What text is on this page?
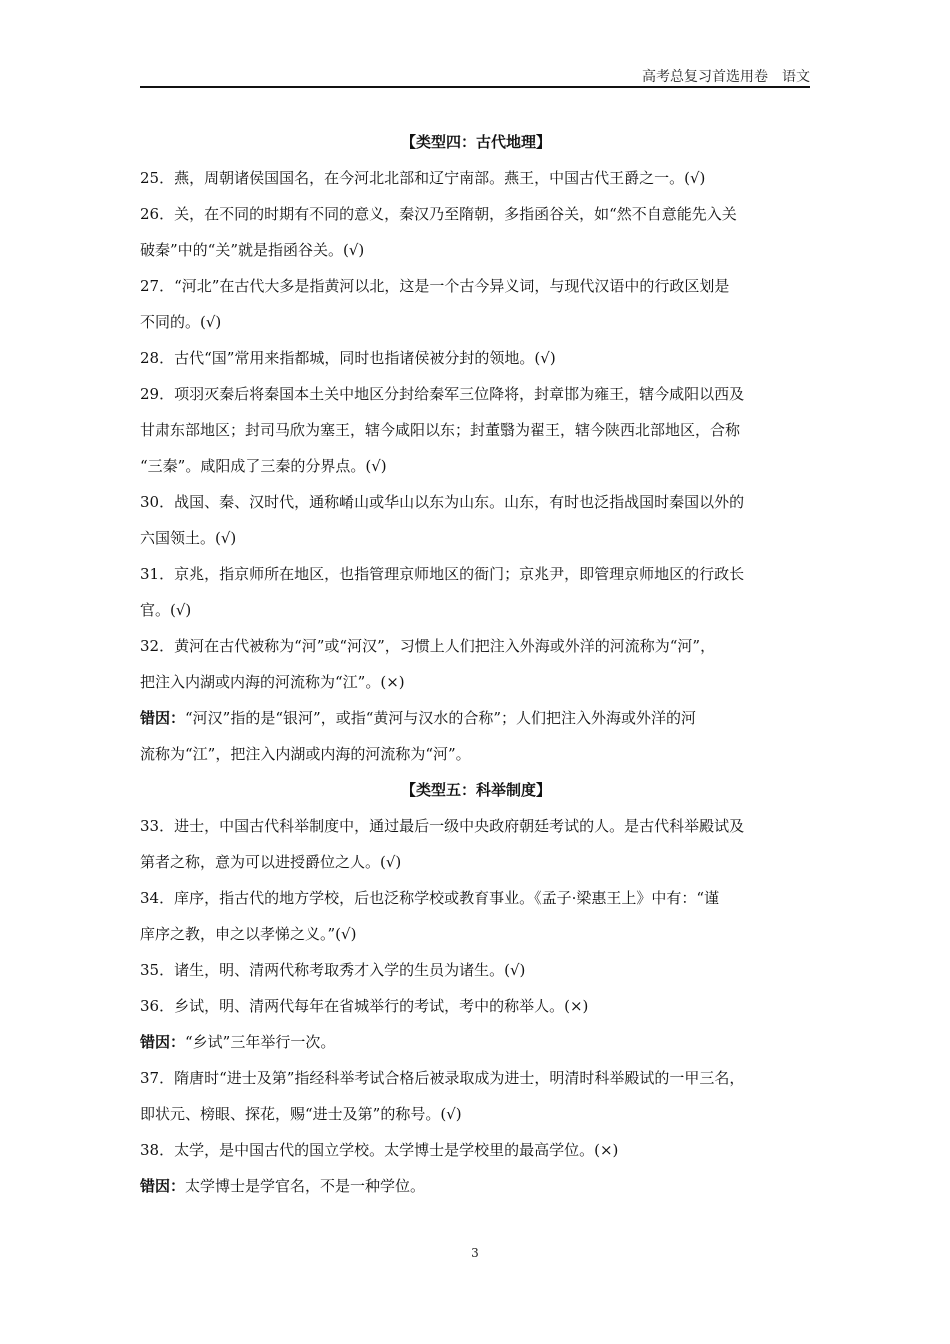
高考总复习首选用卷　语文
【类型四：古代地理】
25．燕，周朝诸侯国国名，在今河北北部和辽宁南部。燕王，中国古代王爵之一。(√)
26．关，在不同的时期有不同的意义，秦汉乃至隋朝，多指函谷关，如“然不自意能先入关
破秦”中的“关”就是指函谷关。(√)
27．“河北”在古代大多是指黄河以北，这是一个古今异义词，与现代汉语中的行政区划是
不同的。(√)
28．古代“国”常用来指都城，同时也指诸侯被分封的领地。(√)
29．项羽灭秦后将秦国本土关中地区分封给秦军三位降将，封章邯为雍王，辖今咸阳以西及
甘肃东部地区；封司马欣为塞王，辖今咸阳以东；封董翳为翟王，辖今陕西北部地区，合称
“三秦”。咸阳成了三秦的分界点。(√)
30．战国、秦、汉时代，通称崤山或华山以东为山东。山东，有时也泛指战国时秦国以外的
六国领土。(√)
31．京兆，指京师所在地区，也指管理京师地区的衙门；京兆尹，即管理京师地区的行政长
官。(√)
32．黄河在古代被称为“河”或“河汉”，习惯上人们把注入外海或外洋的河流称为“河”，
把注入内湖或内海的河流称为“江”。(×)
错因：“河汉”指的是“银河”，或指“黄河与汉水的合称”；人们把注入外海或外洋的河
流称为“江”，把注入内湖或内海的河流称为“河”。
【类型五：科举制度】
33．进士，中国古代科举制度中，通过最后一级中央政府朝廷考试的人。是古代科举殿试及
第者之称，意为可以进授爵位之人。(√)
34．庠序，指古代的地方学校，后也泛称学校或教育事业。《孟子·梁惠王上》中有：“谨
庠序之教，申之以孝悌之义。”(√)
35．诸生，明、清两代称考取秀才入学的生员为诸生。(√)
36．乡试，明、清两代每年在省城举行的考试，考中的称举人。(×)
错因：“乡试”三年举行一次。
37．隋唐时“进士及第”指经科举考试合格后被录取成为进士，明清时科举殿试的一甲三名，
即状元、榜眼、探花，赐“进士及第”的称号。(√)
38．太学，是中国古代的国立学校。太学博士是学校里的最高学位。(×)
错因：太学博士是学官名，不是一种学位。
3
